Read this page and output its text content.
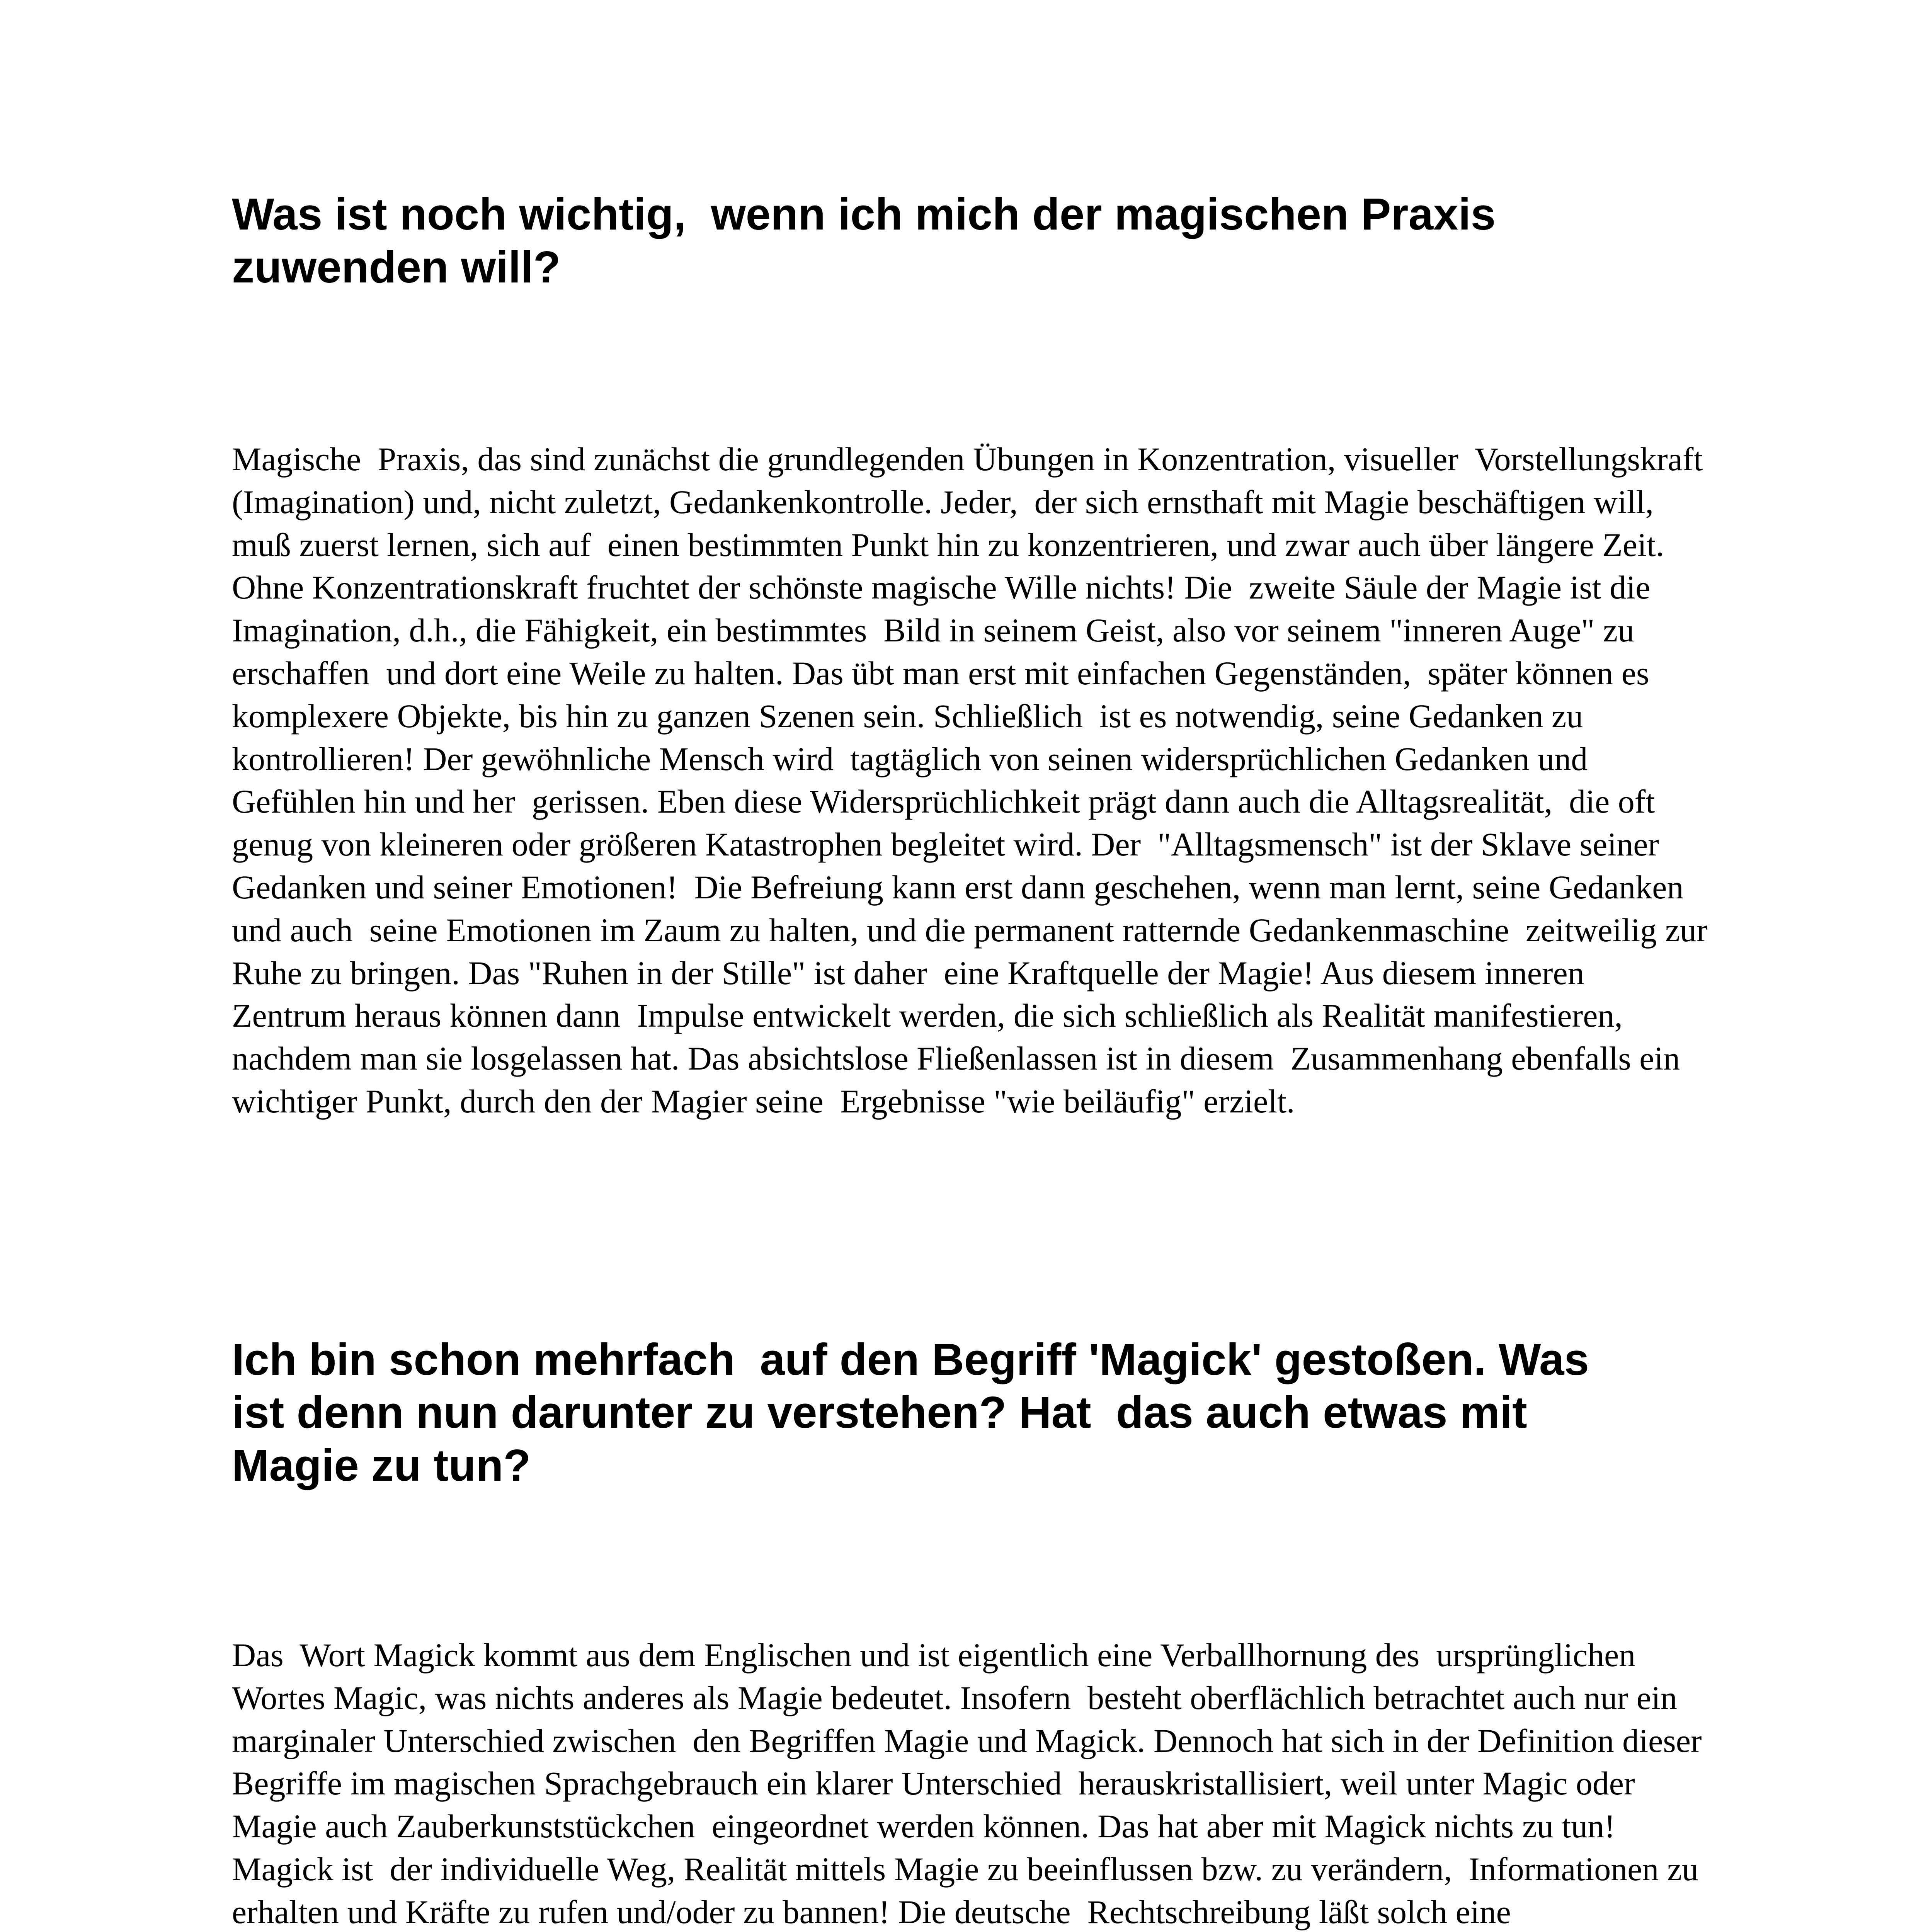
Was ist noch wichtig,  wenn ich mich der magischen Praxis
zuwenden will?
Magische  Praxis, das sind zunächst die grundlegenden Übungen in Konzentration, visueller  Vorstellungskraft
(Imagination) und, nicht zuletzt, Gedankenkontrolle. Jeder,  der sich ernsthaft mit Magie beschäftigen will,
muß zuerst lernen, sich auf  einen bestimmten Punkt hin zu konzentrieren, und zwar auch über längere Zeit.
Ohne Konzentrationskraft fruchtet der schönste magische Wille nichts! Die  zweite Säule der Magie ist die
Imagination, d.h., die Fähigkeit, ein bestimmtes  Bild in seinem Geist, also vor seinem "inneren Auge" zu
erschaffen  und dort eine Weile zu halten. Das übt man erst mit einfachen Gegenständen,  später können es
komplexere Objekte, bis hin zu ganzen Szenen sein. Schließlich  ist es notwendig, seine Gedanken zu
kontrollieren! Der gewöhnliche Mensch wird  tagtäglich von seinen widersprüchlichen Gedanken und
Gefühlen hin und her  gerissen. Eben diese Widersprüchlichkeit prägt dann auch die Alltagsrealität,  die oft
genug von kleineren oder größeren Katastrophen begleitet wird. Der  "Alltagsmensch" ist der Sklave seiner
Gedanken und seiner Emotionen!  Die Befreiung kann erst dann geschehen, wenn man lernt, seine Gedanken
und auch  seine Emotionen im Zaum zu halten, und die permanent ratternde Gedankenmaschine  zeitweilig zur
Ruhe zu bringen. Das "Ruhen in der Stille" ist daher  eine Kraftquelle der Magie! Aus diesem inneren
Zentrum heraus können dann  Impulse entwickelt werden, die sich schließlich als Realität manifestieren,
nachdem man sie losgelassen hat. Das absichtslose Fließenlassen ist in diesem  Zusammenhang ebenfalls ein
wichtiger Punkt, durch den der Magier seine  Ergebnisse "wie beiläufig" erzielt.
Ich bin schon mehrfach  auf den Begriff 'Magick' gestoßen. Was
ist denn nun darunter zu verstehen? Hat  das auch etwas mit
Magie zu tun?
Das  Wort Magick kommt aus dem Englischen und ist eigentlich eine Verballhornung des  ursprünglichen
Wortes Magic, was nichts anderes als Magie bedeutet. Insofern  besteht oberflächlich betrachtet auch nur ein
marginaler Unterschied zwischen  den Begriffen Magie und Magick. Dennoch hat sich in der Definition dieser
Begriffe im magischen Sprachgebrauch ein klarer Unterschied  herauskristallisiert, weil unter Magic oder
Magie auch Zauberkunststückchen  eingeordnet werden können. Das hat aber mit Magick nichts zu tun!
Magick ist  der individuelle Weg, Realität mittels Magie zu beeinflussen bzw. zu verändern,  Informationen zu
erhalten und Kräfte zu rufen und/oder zu bannen! Die deutsche  Rechtschreibung läßt solch eine
